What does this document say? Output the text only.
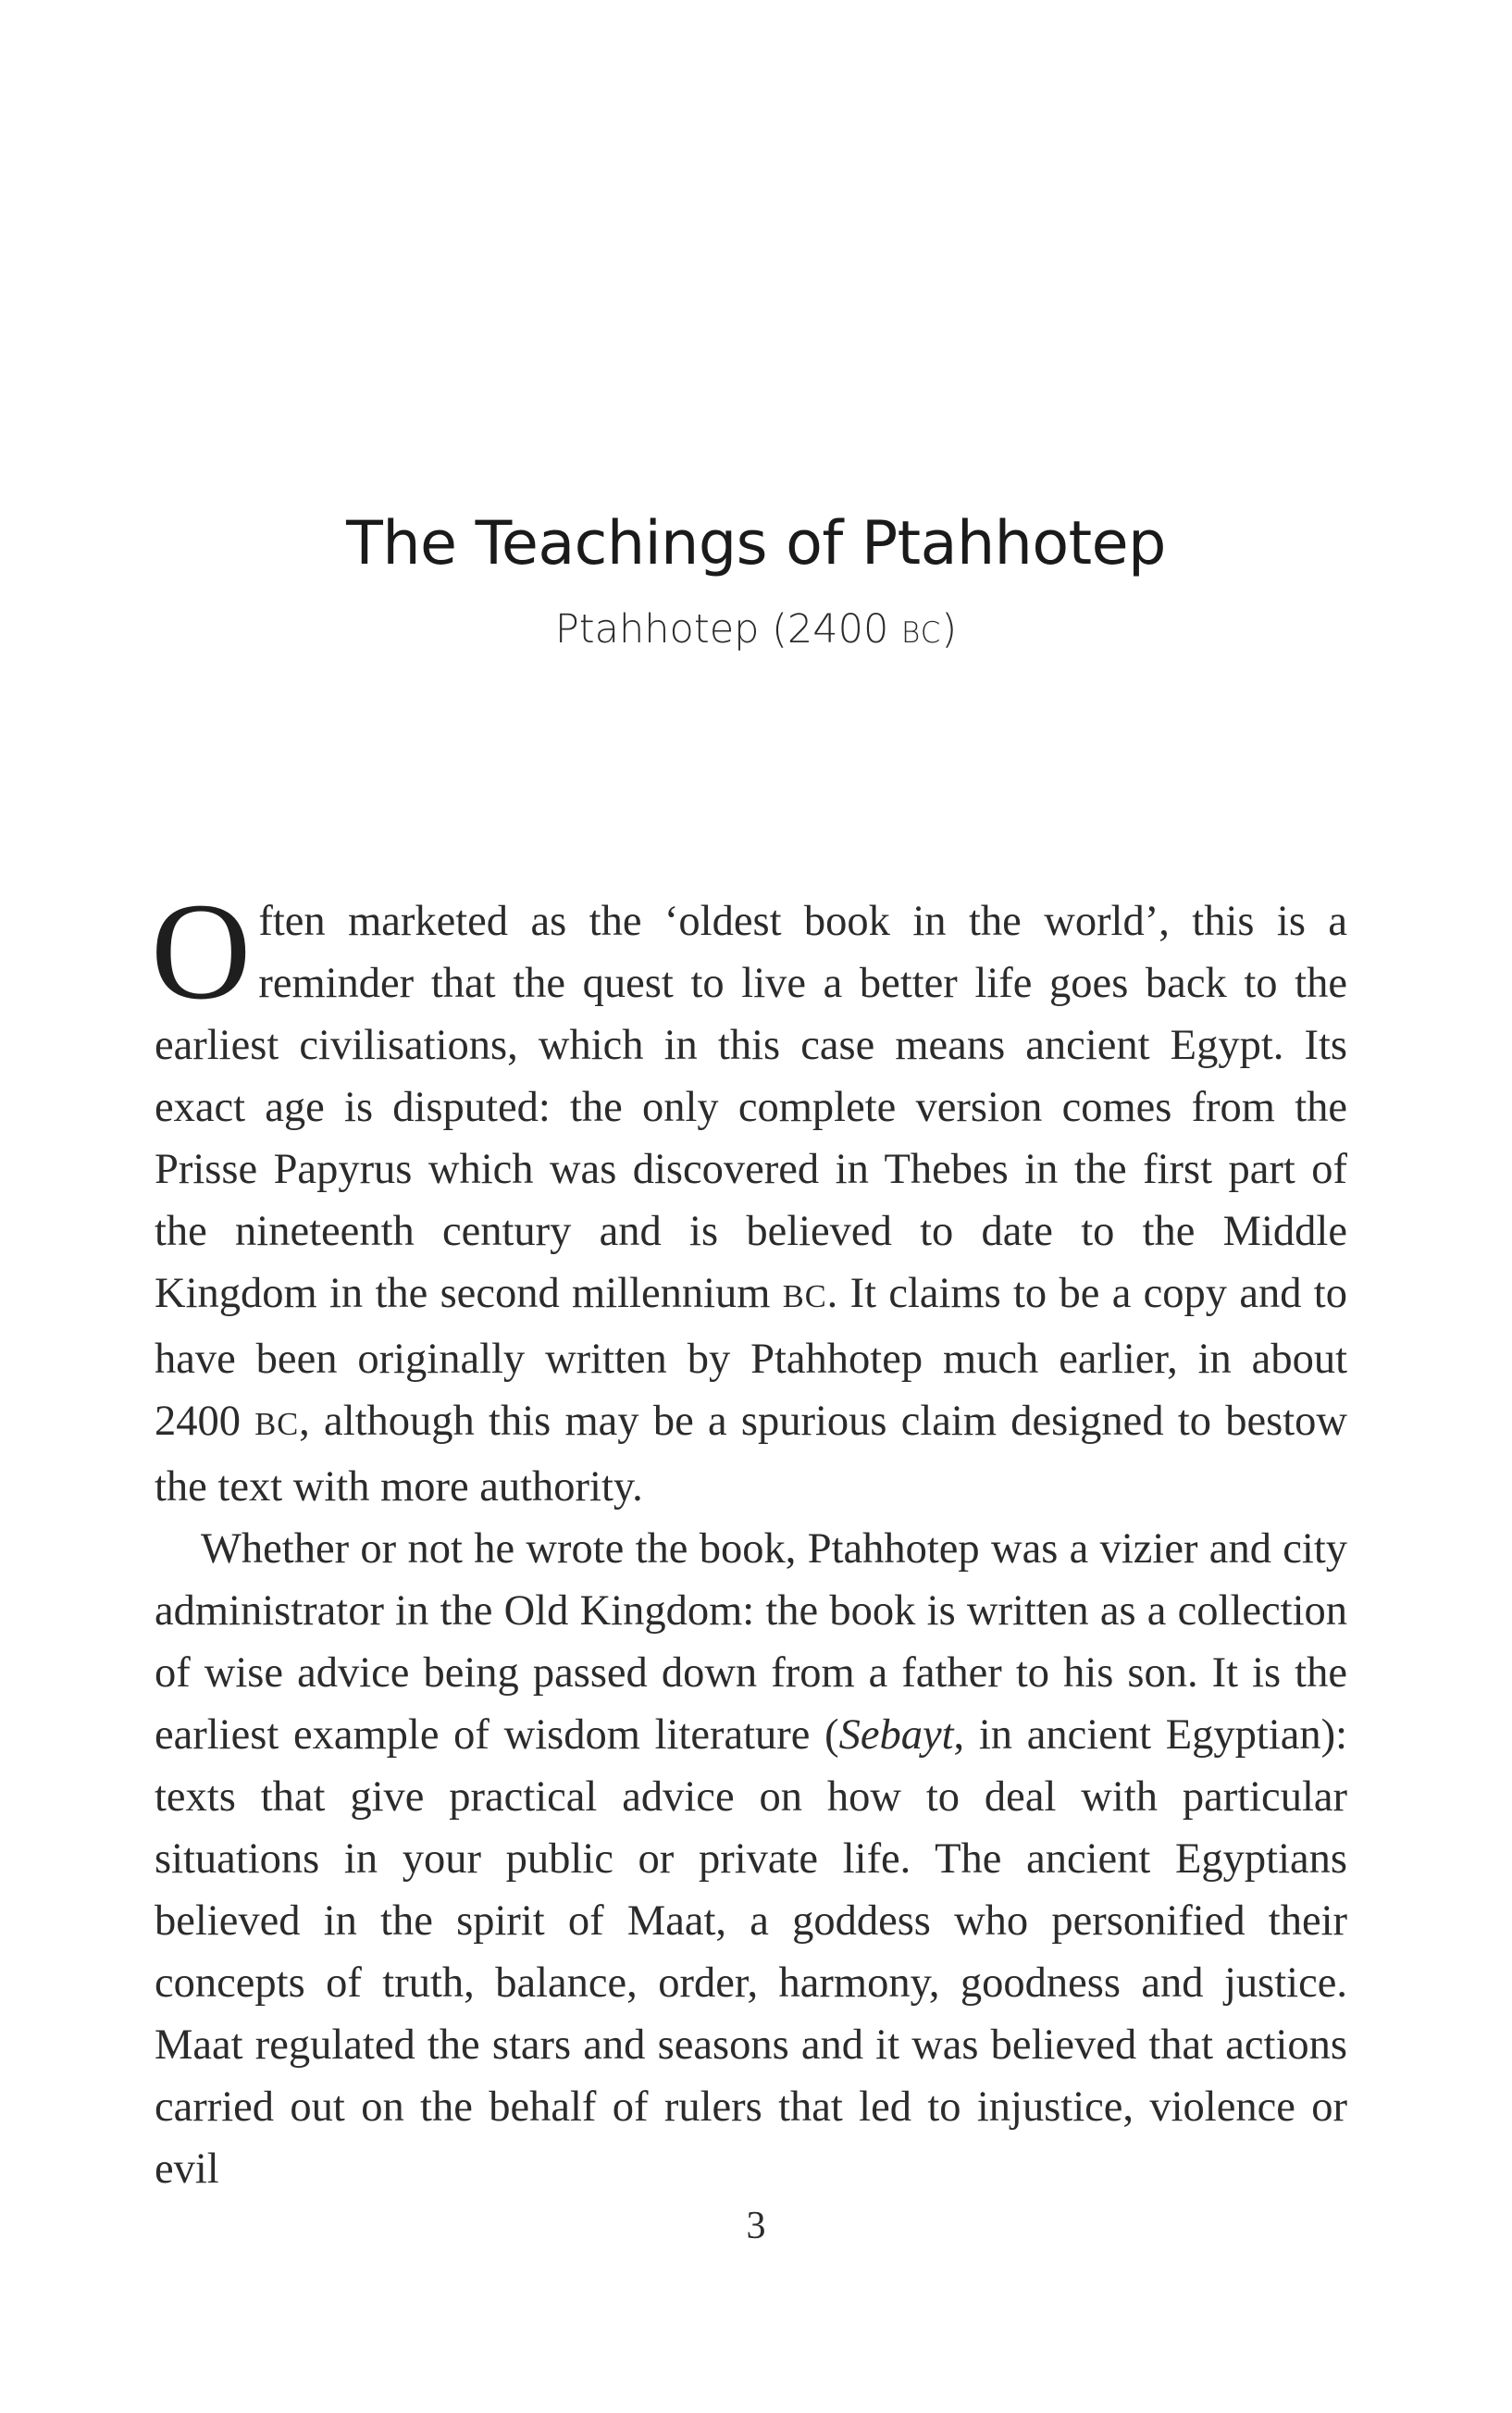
The Teachings of Ptahhotep
Ptahhotep (2400 BC)

Often marketed as the ‘oldest book in the world’, this is a reminder that the quest to live a better life goes back to the earliest civilisations, which in this case means ancient Egypt. Its exact age is disputed: the only complete version comes from the Prisse Papyrus which was discovered in Thebes in the first part of the nineteenth century and is believed to date to the Middle Kingdom in the second millennium BC. It claims to be a copy and to have been originally written by Ptahhotep much earlier, in about 2400 BC, although this may be a spurious claim designed to bestow the text with more authority.

Whether or not he wrote the book, Ptahhotep was a vizier and city administrator in the Old Kingdom: the book is written as a collection of wise advice being passed down from a father to his son. It is the earliest example of wisdom literature (Sebayt, in ancient Egyptian): texts that give practical advice on how to deal with particular situations in your public or private life. The ancient Egyptians believed in the spirit of Maat, a goddess who personified their concepts of truth, balance, order, harmony, goodness and justice. Maat regulated the stars and seasons and it was believed that actions carried out on the behalf of rulers that led to injustice, violence or evil

3
